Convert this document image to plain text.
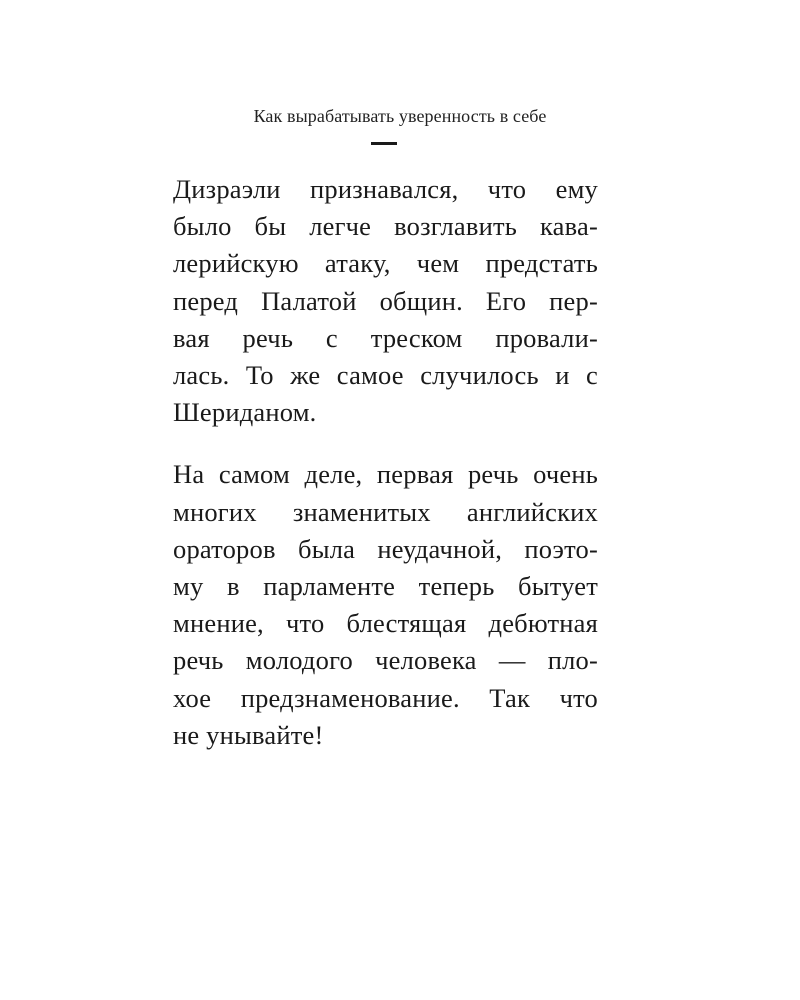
Как вырабатывать уверенность в себе

Дизраэли признавался, что ему
было бы легче возглавить кава-
лерийскую атаку, чем предстать
перед Палатой общин. Его пер-
вая речь с треском провали-
лась. То же самое случилось и с
Шериданом.

На самом деле, первая речь очень
многих знаменитых английских
ораторов была неудачной, поэто-
му в парламенте теперь бытует
мнение, что блестящая дебютная
речь молодого человека — пло-
хое предзнаменование. Так что
не унывайте!
